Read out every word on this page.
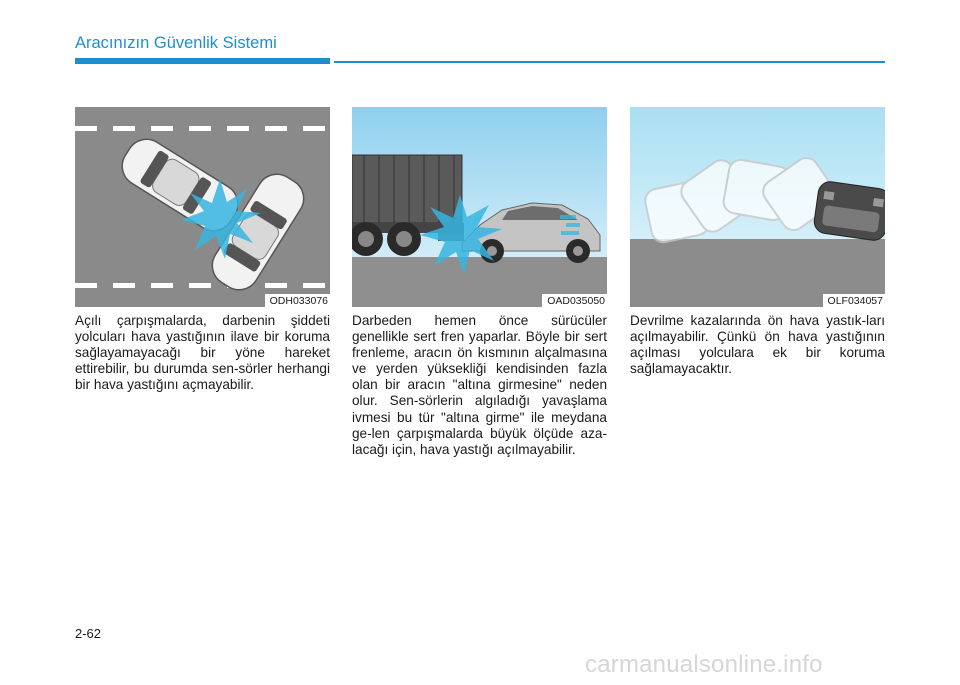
Aracınızın Güvenlik Sistemi
ODH033076	OAD035050	OLF034057

Açılı çarpışmalarda, darbenin şiddeti yolcuları hava yastığının ilave bir koruma sağlayamayacağı bir yöne hareket ettirebilir, bu durumda sen-sörler herhangi bir hava yastığını açmayabilir.

Darbeden hemen önce sürücüler genellikle sert fren yaparlar. Böyle bir sert frenleme, aracın ön kısmının alçalmasına ve yerden yüksekliği kendisinden fazla olan bir aracın "altına girmesine" neden olur. Sen-sörlerin algıladığı yavaşlama ivmesi bu tür "altına girme" ile meydana ge-len çarpışmalarda büyük ölçüde aza-lacağı için, hava yastığı açılmayabilir.

Devrilme kazalarında ön hava yastık-ları açılmayabilir. Çünkü ön hava yastığının açılması yolculara ek bir koruma sağlamayacaktır.

2-62
carmanualsonline.info
